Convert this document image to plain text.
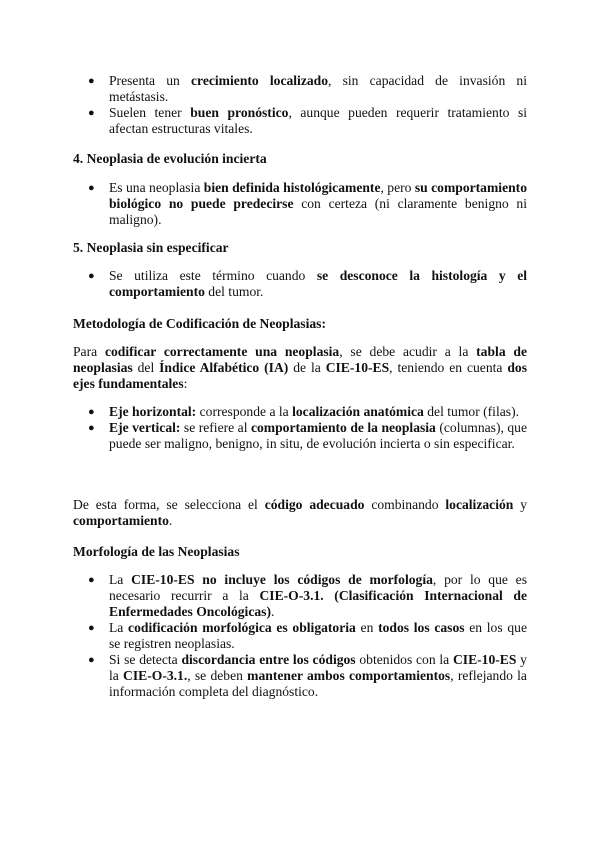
● Presenta un crecimiento localizado, sin capacidad de invasión ni metástasis.
● Suelen tener buen pronóstico, aunque pueden requerir tratamiento si afectan estructuras vitales.
4. Neoplasia de evolución incierta
● Es una neoplasia bien definida histológicamente, pero su comportamiento biológico no puede predecirse con certeza (ni claramente benigno ni maligno).
5. Neoplasia sin especificar
● Se utiliza este término cuando se desconoce la histología y el comportamiento del tumor.
Metodología de Codificación de Neoplasias:

Para codificar correctamente una neoplasia, se debe acudir a la tabla de neoplasias del Índice Alfabético (IA) de la CIE-10-ES, teniendo en cuenta dos ejes fundamentales:

● Eje horizontal: corresponde a la localización anatómica del tumor (filas).
● Eje vertical: se refiere al comportamiento de la neoplasia (columnas), que puede ser maligno, benigno, in situ, de evolución incierta o sin especificar.

De esta forma, se selecciona el código adecuado combinando localización y comportamiento.

Morfología de las Neoplasias
● La CIE-10-ES no incluye los códigos de morfología, por lo que es necesario recurrir a la CIE-O-3.1. (Clasificación Internacional de Enfermedades Oncológicas).
● La codificación morfológica es obligatoria en todos los casos en los que se registren neoplasias.
● Si se detecta discordancia entre los códigos obtenidos con la CIE-10-ES y la CIE-O-3.1., se deben mantener ambos comportamientos, reflejando la información completa del diagnóstico.
